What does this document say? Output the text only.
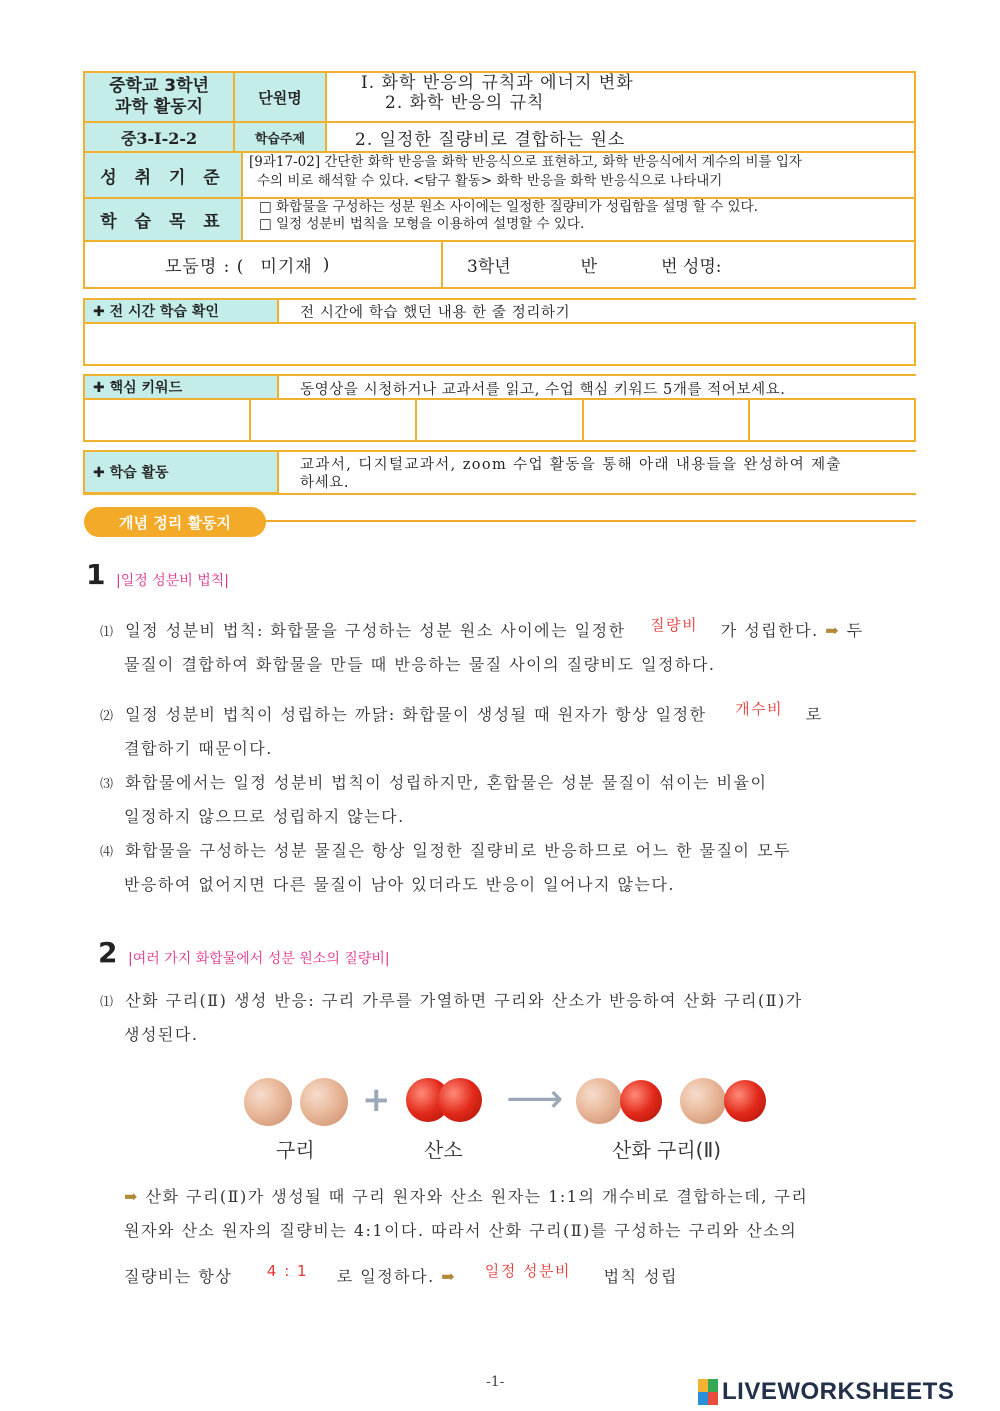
중학교 3학년
과학 활동지	단원명
Ⅰ. 화학 반응의 규칙과 에너지 변화
2. 화학 반응의 규칙
중3-Ⅰ-2-2	학습주제	2. 일정한 질량비로 결합하는 원소
성 취 기 준
[9과17-02] 간단한 화학 반응을 화학 반응식으로 표현하고, 화학 반응식에서 계수의 비를 입자
수의 비로 해석할 수 있다. <탐구 활동> 화학 반응을 화학 반응식으로 나타내기
학 습 목 표
□ 화합물을 구성하는 성분 원소 사이에는 일정한 질량비가 성립함을 설명 할 수 있다.
□ 일정 성분비 법칙을 모형을 이용하여 설명할 수 있다.
모둠명 : ( 미기재 )	3학년	반	번 성명:
✚ 전 시간 학습 확인	전 시간에 학습 했던 내용 한 줄 정리하기
✚ 핵심 키워드	동영상을 시청하거나 교과서를 읽고, 수업 핵심 키워드 5개를 적어보세요.
✚ 학습 활동	교과서, 디지털교과서, zoom 수업 활동을 통해 아래 내용들을 완성하여 제출
하세요.
개념 정리 활동지
1 |일정 성분비 법칙|
⑴ 일정 성분비 법칙: 화합물을 구성하는 성분 원소 사이에는 일정한 질량비 가 성립한다. ➡ 두
물질이 결합하여 화합물을 만들 때 반응하는 물질 사이의 질량비도 일정하다.
⑵ 일정 성분비 법칙이 성립하는 까닭: 화합물이 생성될 때 원자가 항상 일정한 개수비 로
결합하기 때문이다.
⑶ 화합물에서는 일정 성분비 법칙이 성립하지만, 혼합물은 성분 물질이 섞이는 비율이
일정하지 않으므로 성립하지 않는다.
⑷ 화합물을 구성하는 성분 물질은 항상 일정한 질량비로 반응하므로 어느 한 물질이 모두
반응하여 없어지면 다른 물질이 남아 있더라도 반응이 일어나지 않는다.
2 |여러 가지 화합물에서 성분 원소의 질량비|
⑴ 산화 구리(Ⅱ) 생성 반응: 구리 가루를 가열하면 구리와 산소가 반응하여 산화 구리(Ⅱ)가
생성된다.
+	⟶
구리	산소	산화 구리(Ⅱ)
➡ 산화 구리(Ⅱ)가 생성될 때 구리 원자와 산소 원자는 1:1의 개수비로 결합하는데, 구리
원자와 산소 원자의 질량비는 4:1이다. 따라서 산화 구리(Ⅱ)를 구성하는 구리와 산소의
질량비는 항상 4 : 1 로 일정하다. ➡ 일정 성분비 법칙 성립
-1-	LIVEWORKSHEETS
